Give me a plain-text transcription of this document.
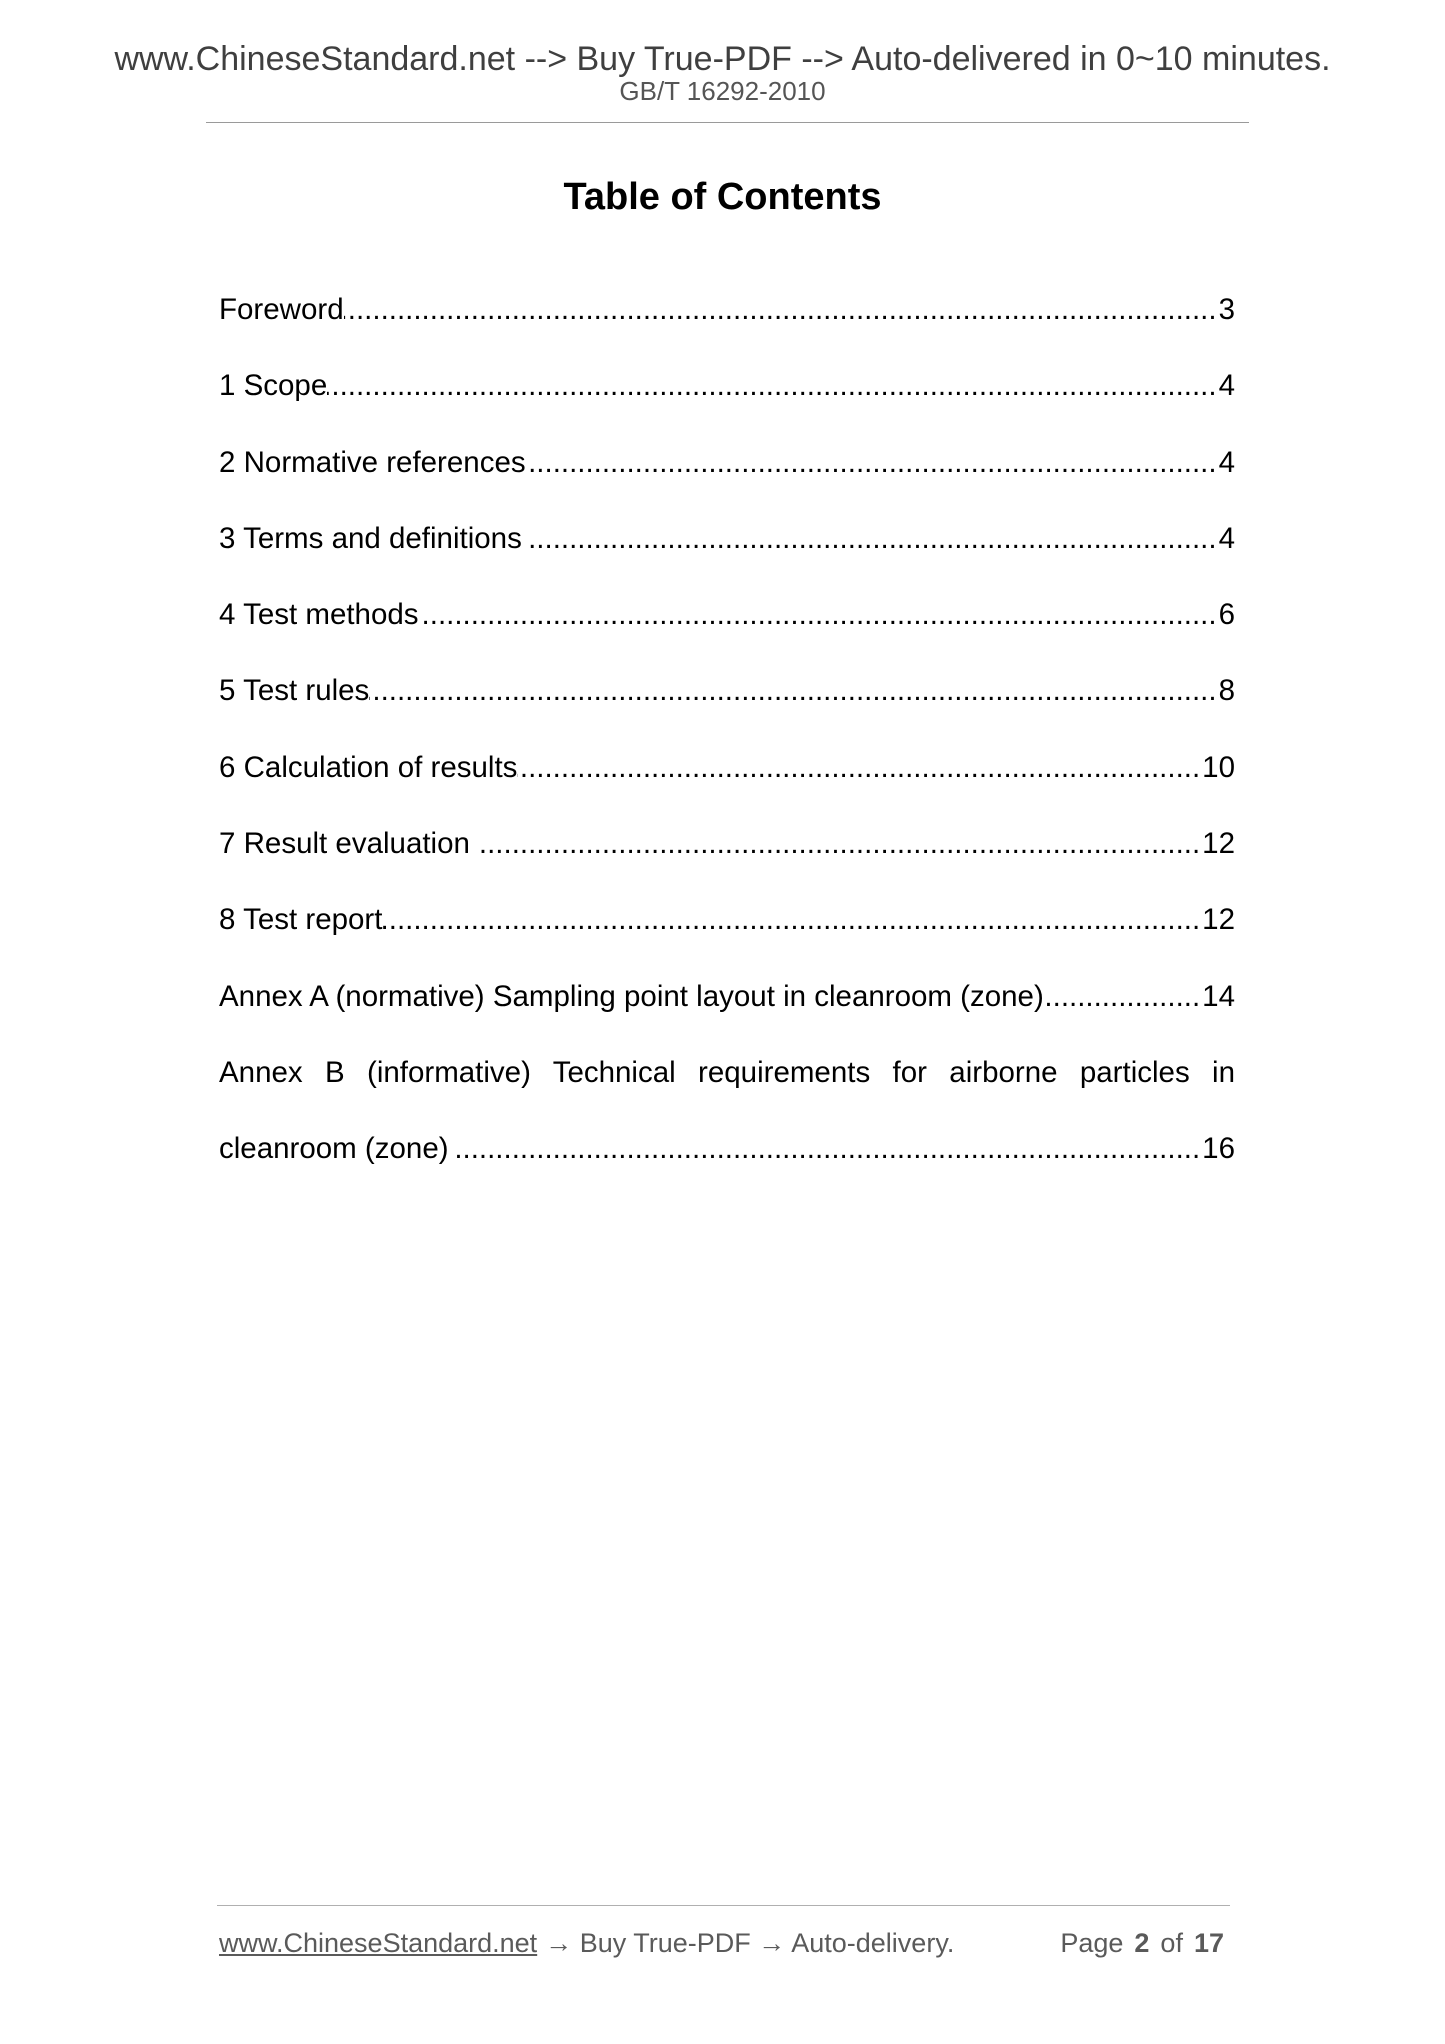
www.ChineseStandard.net --> Buy True-PDF --> Auto-delivered in 0~10 minutes.
GB/T 16292-2010
Table of Contents
Foreword .....	3
1 Scope .....	4
2 Normative references .....	4
3 Terms and definitions .....	4
4 Test methods .....	6
5 Test rules .....	8
6 Calculation of results .....	10
7 Result evaluation .....	12
8 Test report .....	12
Annex A (normative) Sampling point layout in cleanroom (zone) .....	14
Annex B (informative) Technical requirements for airborne particles in
cleanroom (zone) .....	16
www.ChineseStandard.net → Buy True-PDF → Auto-delivery.	Page 2 of 17
